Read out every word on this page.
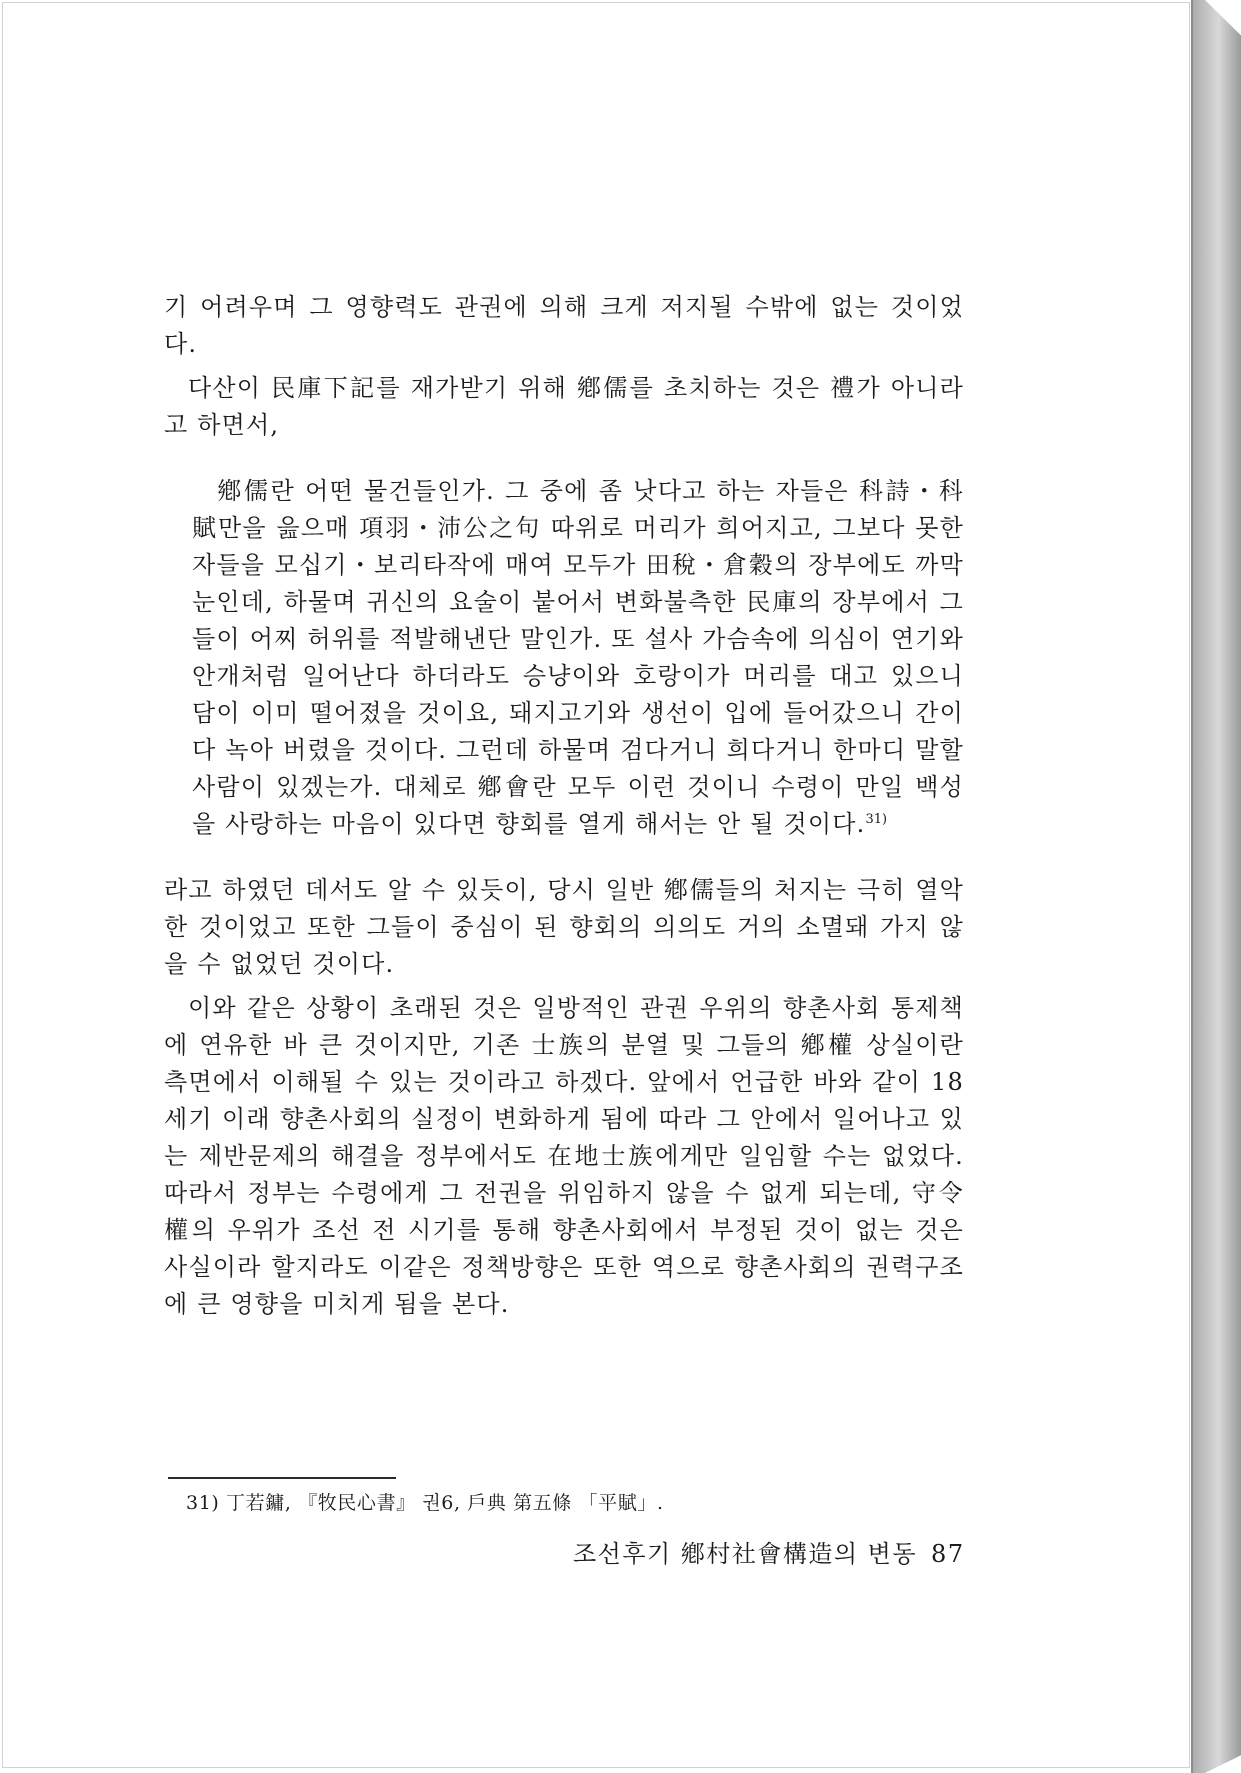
기 어려우며 그 영향력도 관권에 의해 크게 저지될 수밖에 없는 것이었다.

다산이 民庫下記를 재가받기 위해 鄕儒를 초치하는 것은 禮가 아니라고 하면서,

鄕儒란 어떤 물건들인가. 그 중에 좀 낫다고 하는 자들은 科詩・科賦만을 읊으매 項羽・沛公之句 따위로 머리가 희어지고, 그보다 못한 자들을 모십기・보리타작에 매여 모두가 田稅・倉穀의 장부에도 까막눈인데, 하물며 귀신의 요술이 붙어서 변화불측한 民庫의 장부에서 그들이 어찌 허위를 적발해낸단 말인가. 또 설사 가슴속에 의심이 연기와 안개처럼 일어난다 하더라도 승냥이와 호랑이가 머리를 대고 있으니 담이 이미 떨어졌을 것이요, 돼지고기와 생선이 입에 들어갔으니 간이 다 녹아 버렸을 것이다. 그런데 하물며 검다거니 희다거니 한마디 말할 사람이 있겠는가. 대체로 鄕會란 모두 이런 것이니 수령이 만일 백성을 사랑하는 마음이 있다면 향회를 열게 해서는 안 될 것이다.$^{31)}$

라고 하였던 데서도 알 수 있듯이, 당시 일반 鄕儒들의 처지는 극히 열악한 것이었고 또한 그들이 중심이 된 향회의 의의도 거의 소멸돼 가지 않을 수 없었던 것이다.

이와 같은 상황이 초래된 것은 일방적인 관권 우위의 향촌사회 통제책에 연유한 바 큰 것이지만, 기존 士族의 분열 및 그들의 鄕權 상실이란 측면에서 이해될 수 있는 것이라고 하겠다. 앞에서 언급한 바와 같이 18세기 이래 향촌사회의 실정이 변화하게 됨에 따라 그 안에서 일어나고 있는 제반문제의 해결을 정부에서도 在地士族에게만 일임할 수는 없었다. 따라서 정부는 수령에게 그 전권을 위임하지 않을 수 없게 되는데, 守令權의 우위가 조선 전 시기를 통해 향촌사회에서 부정된 것이 없는 것은 사실이라 할지라도 이같은 정책방향은 또한 역으로 향촌사회의 권력구조에 큰 영향을 미치게 됨을 본다.

31) 丁若鏞, 『牧民心書』 권6, 戶典 第五條 「平賦」.
조선후기 鄕村社會構造의 변동 87
